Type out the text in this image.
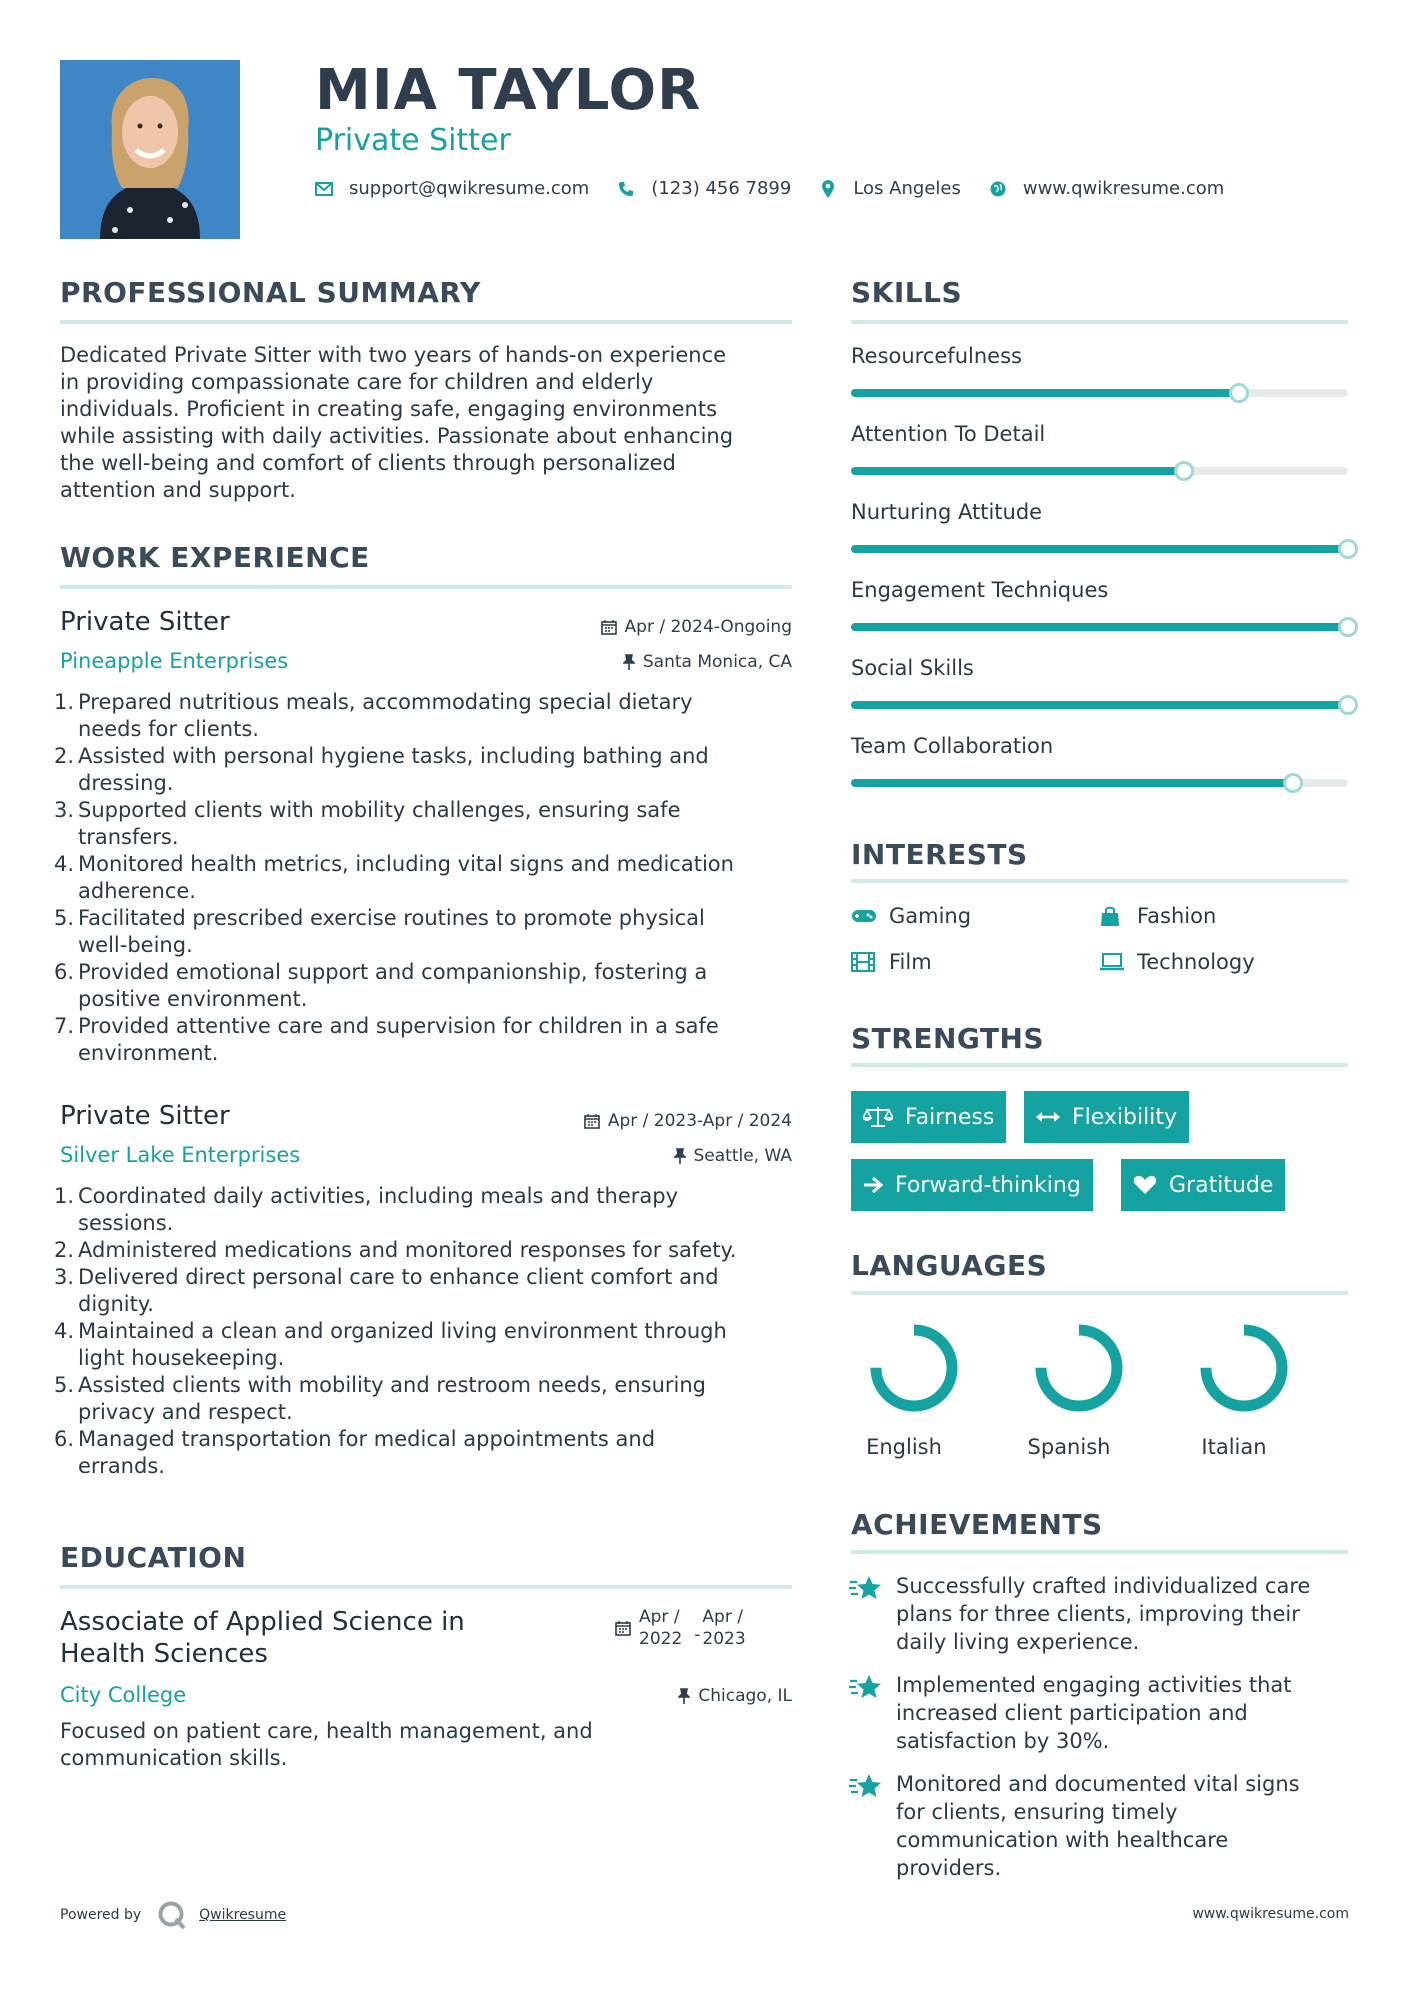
MIA TAYLOR
Private Sitter
support@qwikresume.com	(123) 456 7899	Los Angeles	www.qwikresume.com
PROFESSIONAL SUMMARY
Dedicated Private Sitter with two years of hands-on experience
in providing compassionate care for children and elderly
individuals. Proficient in creating safe, engaging environments
while assisting with daily activities. Passionate about enhancing
the well-being and comfort of clients through personalized
attention and support.
WORK EXPERIENCE
Private Sitter	Apr / 2024-Ongoing
Pineapple Enterprises	Santa Monica, CA
1. Prepared nutritious meals, accommodating special dietary
needs for clients.
2. Assisted with personal hygiene tasks, including bathing and
dressing.
3. Supported clients with mobility challenges, ensuring safe
transfers.
4. Monitored health metrics, including vital signs and medication
adherence.
5. Facilitated prescribed exercise routines to promote physical
well-being.
6. Provided emotional support and companionship, fostering a
positive environment.
7. Provided attentive care and supervision for children in a safe
environment.
Private Sitter	Apr / 2023-Apr / 2024
Silver Lake Enterprises	Seattle, WA
1. Coordinated daily activities, including meals and therapy
sessions.
2. Administered medications and monitored responses for safety.
3. Delivered direct personal care to enhance client comfort and
dignity.
4. Maintained a clean and organized living environment through
light housekeeping.
5. Assisted clients with mobility and restroom needs, ensuring
privacy and respect.
6. Managed transportation for medical appointments and
errands.
EDUCATION
Associate of Applied Science in
Health Sciences
Apr /
2022 -
Apr /
2023
City College	Chicago, IL
Focused on patient care, health management, and
communication skills.
SKILLS
Resourcefulness
Attention To Detail
Nurturing Attitude
Engagement Techniques
Social Skills
Team Collaboration
INTERESTS
Gaming	Fashion
Film	Technology
STRENGTHS
Fairness	Flexibility
Forward-thinking	Gratitude
LANGUAGES
English	Spanish	Italian
ACHIEVEMENTS
Successfully crafted individualized care
plans for three clients, improving their
daily living experience.
Implemented engaging activities that
increased client participation and
satisfaction by 30%.
Monitored and documented vital signs
for clients, ensuring timely
communication with healthcare
providers.
Powered by	Qwikresume	www.qwikresume.com
